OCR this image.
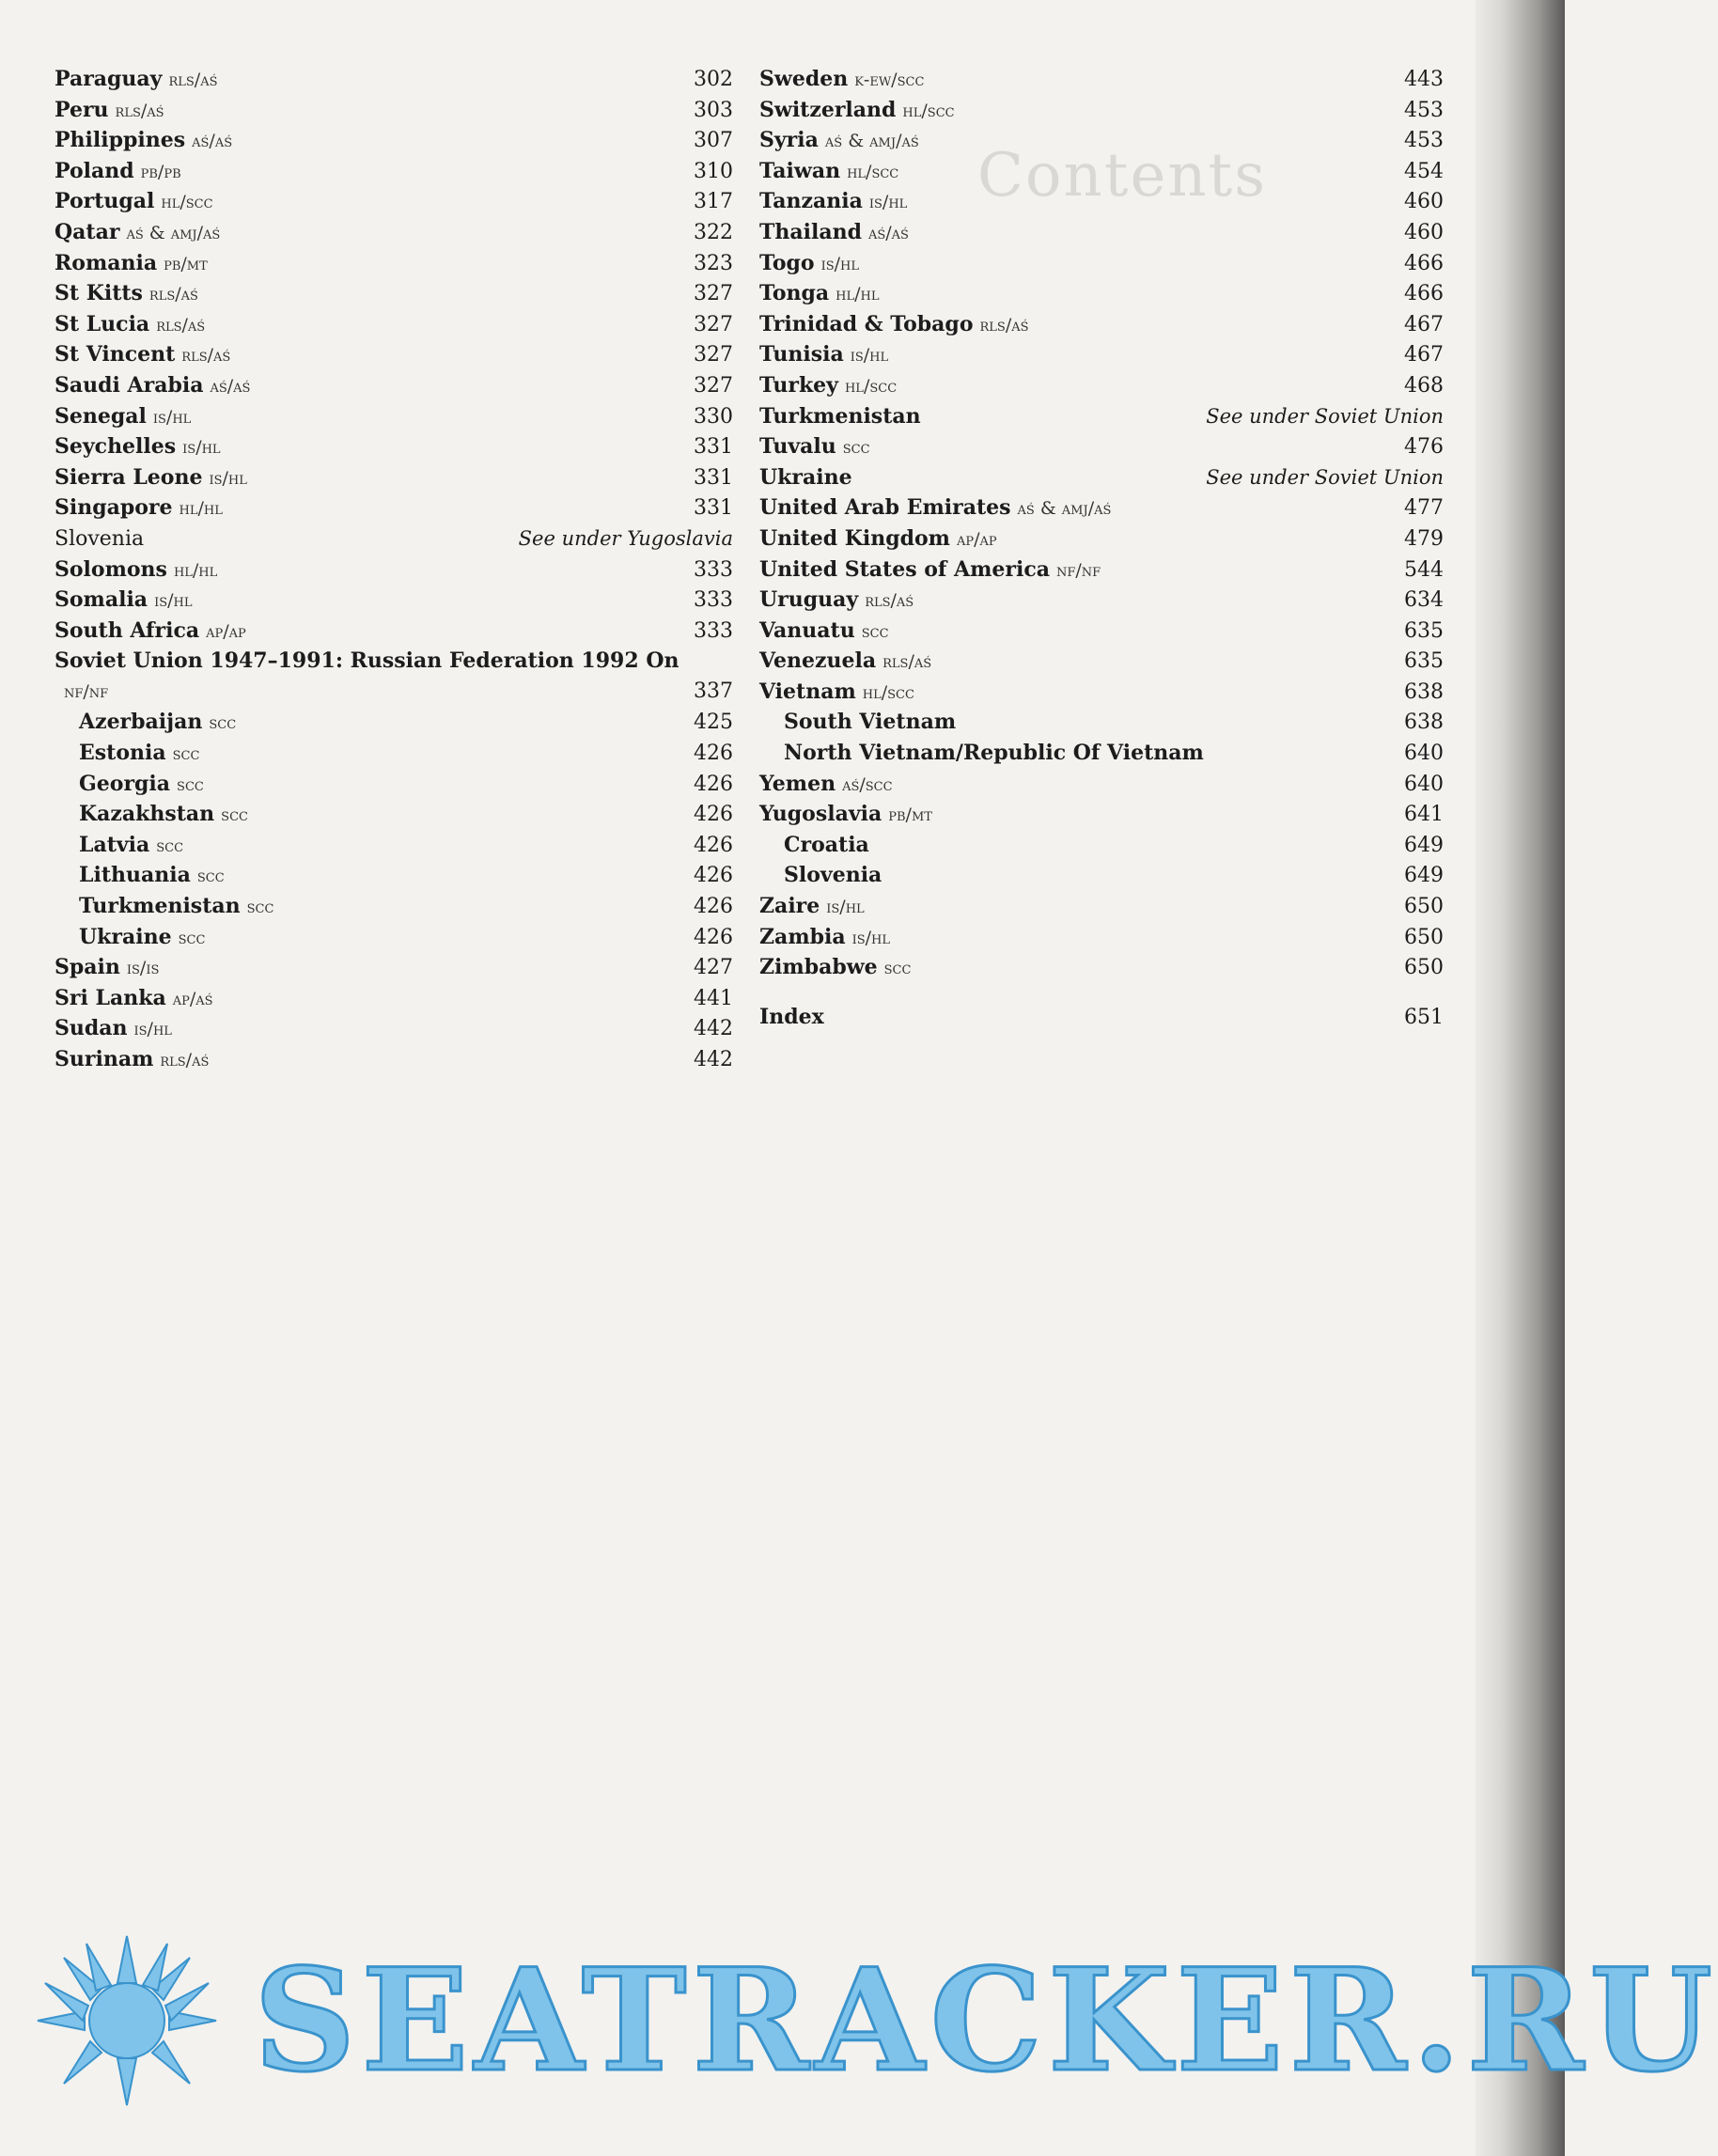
Contents
Paraguay rls/aś	302
Peru rls/aś	303
Philippines aś/aś	307
Poland pb/pb	310
Portugal hl/scc	317
Qatar aś & amj/aś	322
Romania pb/mt	323
St Kitts rls/aś	327
St Lucia rls/aś	327
St Vincent rls/aś	327
Saudi Arabia aś/aś	327
Senegal is/hl	330
Seychelles is/hl	331
Sierra Leone is/hl	331
Singapore hl/hl	331
Slovenia	See under Yugoslavia
Solomons hl/hl	333
Somalia is/hl	333
South Africa ap/ap	333
Soviet Union 1947–1991: Russian Federation 1992 On
nf/nf	337
Azerbaijan scc	425
Estonia scc	426
Georgia scc	426
Kazakhstan scc	426
Latvia scc	426
Lithuania scc	426
Turkmenistan scc	426
Ukraine scc	426
Spain is/is	427
Sri Lanka ap/aś	441
Sudan is/hl	442
Surinam rls/aś	442
Sweden k-ew/scc	443
Switzerland hl/scc	453
Syria aś & amj/aś	453
Taiwan hl/scc	454
Tanzania is/hl	460
Thailand aś/aś	460
Togo is/hl	466
Tonga hl/hl	466
Trinidad & Tobago rls/aś	467
Tunisia is/hl	467
Turkey hl/scc	468
Turkmenistan	See under Soviet Union
Tuvalu scc	476
Ukraine	See under Soviet Union
United Arab Emirates aś & amj/aś	477
United Kingdom ap/ap	479
United States of America nf/nf	544
Uruguay rls/aś	634
Vanuatu scc	635
Venezuela rls/aś	635
Vietnam hl/scc	638
South Vietnam	638
North Vietnam/Republic Of Vietnam	640
Yemen aś/scc	640
Yugoslavia pb/mt	641
Croatia	649
Slovenia	649
Zaire is/hl	650
Zambia is/hl	650
Zimbabwe scc	650
Index	651
SEATRACKER.RU
